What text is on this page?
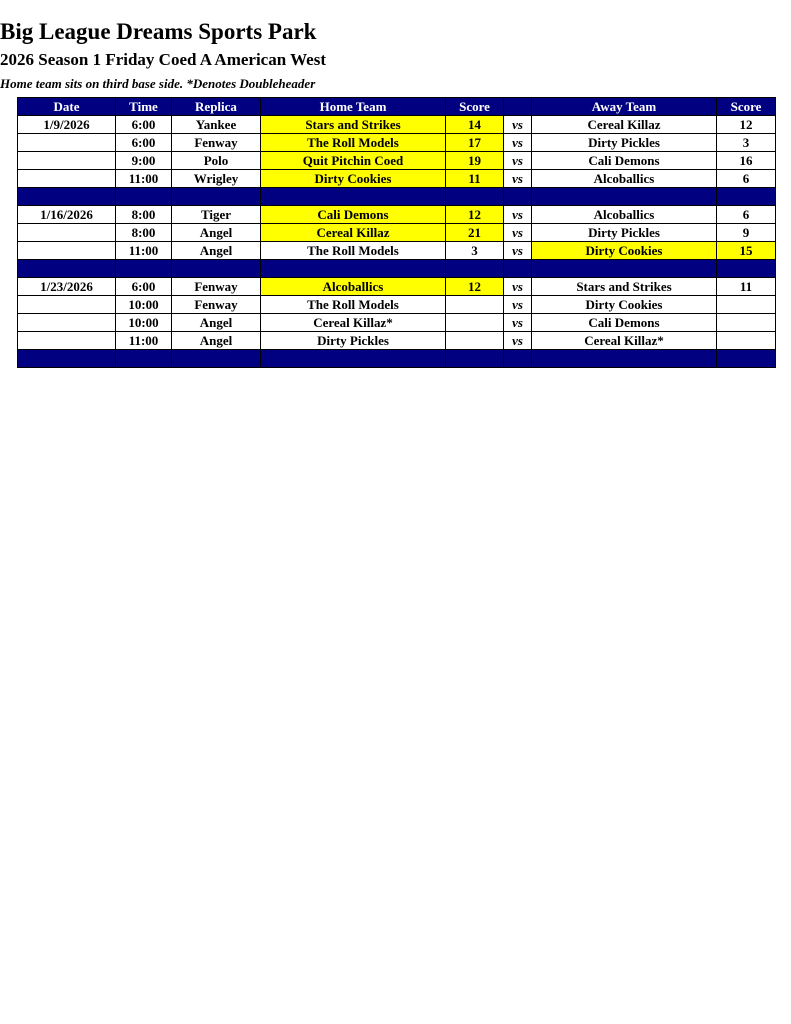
Big League Dreams Sports Park
2026 Season 1 Friday Coed A American West
Home team sits on third base side. *Denotes Doubleheader
Date	Time	Replica	Home Team	Score		Away Team	Score
1/9/2026	6:00	Yankee	Stars and Strikes	14	vs	Cereal Killaz	12
	6:00	Fenway	The Roll Models	17	vs	Dirty Pickles	3
	9:00	Polo	Quit Pitchin Coed	19	vs	Cali Demons	16
	11:00	Wrigley	Dirty Cookies	11	vs	Alcoballics	6

1/16/2026	8:00	Tiger	Cali Demons	12	vs	Alcoballics	6
	8:00	Angel	Cereal Killaz	21	vs	Dirty Pickles	9
	11:00	Angel	The Roll Models	3	vs	Dirty Cookies	15

1/23/2026	6:00	Fenway	Alcoballics	12	vs	Stars and Strikes	11
	10:00	Fenway	The Roll Models		vs	Dirty Cookies	
	10:00	Angel	Cereal Killaz*		vs	Cali Demons	
	11:00	Angel	Dirty Pickles		vs	Cereal Killaz*	
